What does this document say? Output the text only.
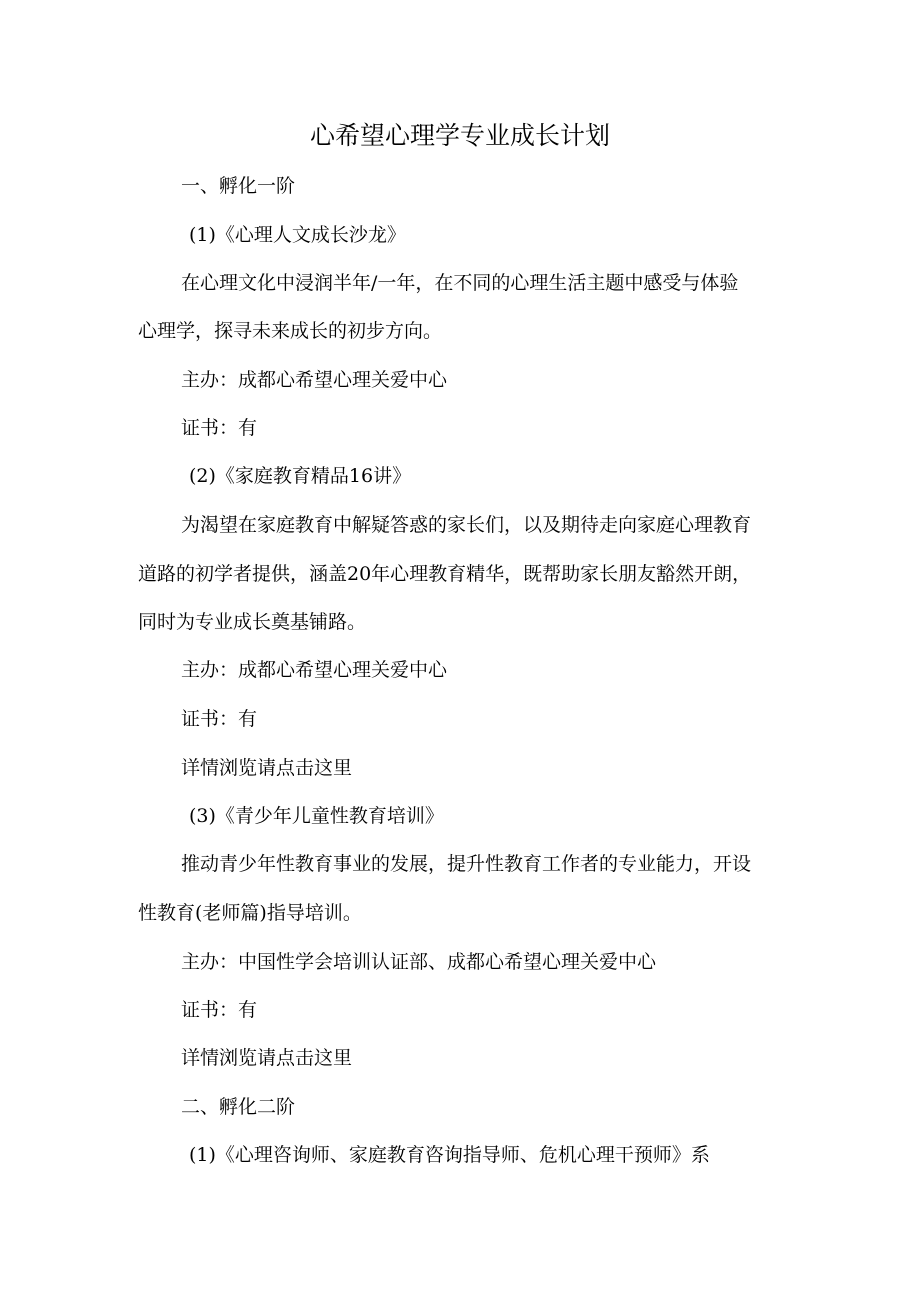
心希望心理学专业成长计划
一、孵化一阶
(1)《心理人文成长沙龙》
在心理文化中浸润半年/一年，在不同的心理生活主题中感受与体验
心理学，探寻未来成长的初步方向。
主办：成都心希望心理关爱中心
证书：有
(2)《家庭教育精品16讲》
为渴望在家庭教育中解疑答惑的家长们，以及期待走向家庭心理教育
道路的初学者提供，涵盖20年心理教育精华，既帮助家长朋友豁然开朗，
同时为专业成长奠基铺路。
主办：成都心希望心理关爱中心
证书：有
详情浏览请点击这里
(3)《青少年儿童性教育培训》
推动青少年性教育事业的发展，提升性教育工作者的专业能力，开设
性教育(老师篇)指导培训。
主办：中国性学会培训认证部、成都心希望心理关爱中心
证书：有
详情浏览请点击这里
二、孵化二阶
(1)《心理咨询师、家庭教育咨询指导师、危机心理干预师》系
